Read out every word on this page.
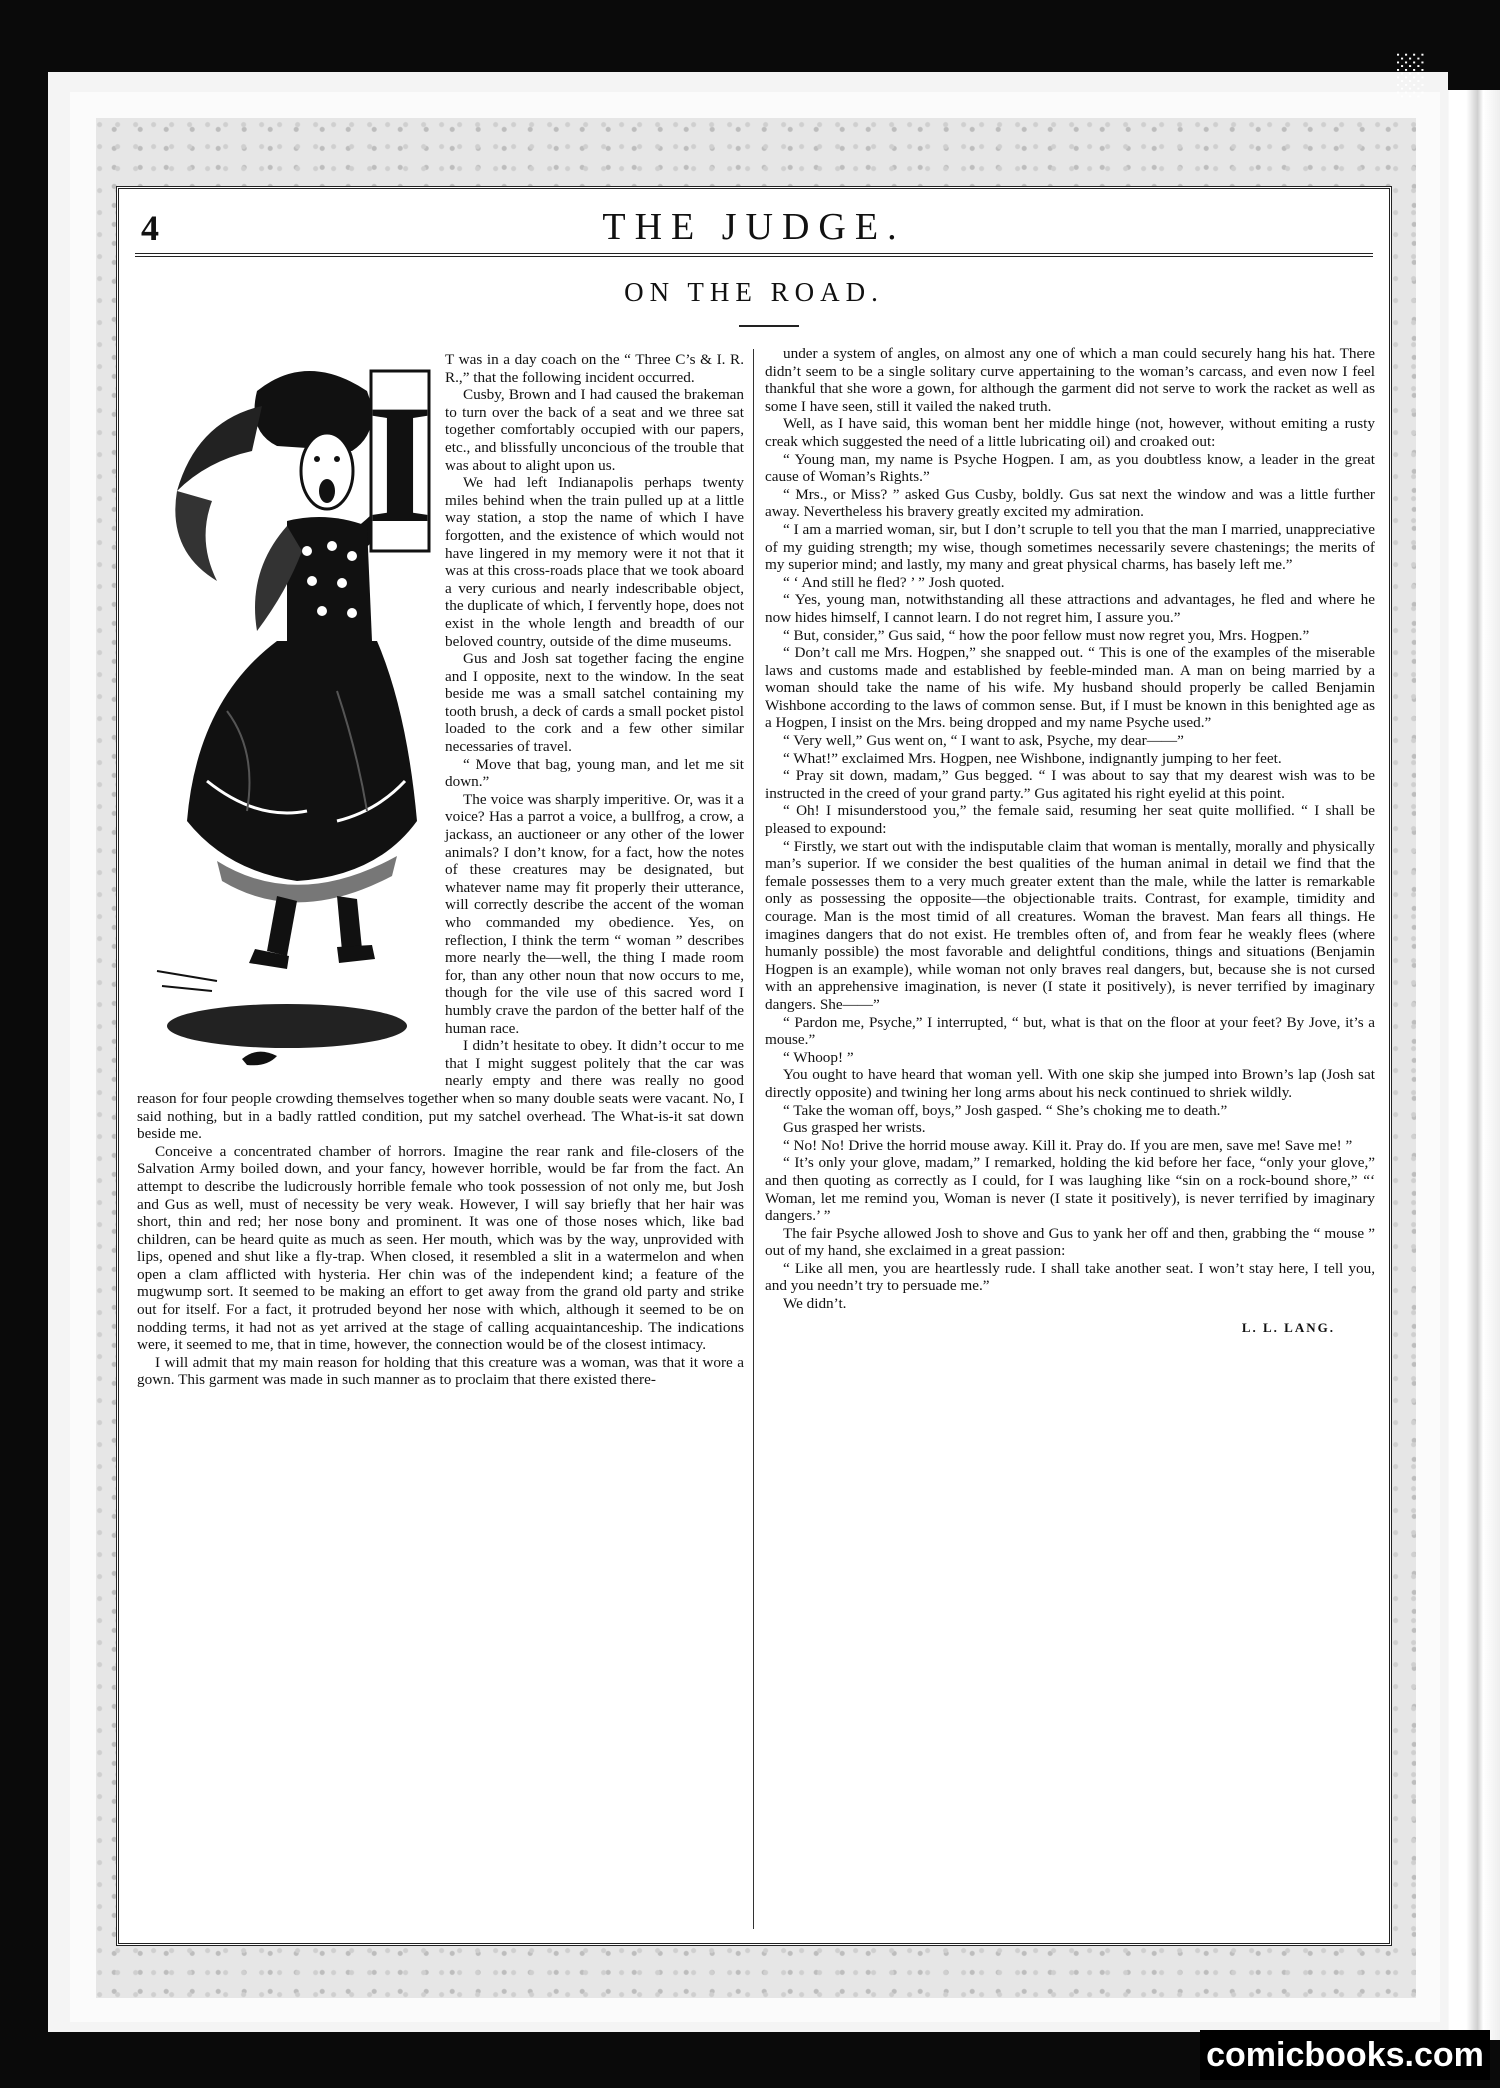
░
4	THE JUDGE.
ON THE ROAD.
I

T was in a day coach on the “ Three C’s & I. R. R.,” that the following incident occurred.

Cusby, Brown and I had caused the brakeman to turn over the back of a seat and we three sat together comfortably occupied with our papers, etc., and blissfully unconcious of the trouble that was about to alight upon us.

We had left Indianapolis perhaps twenty miles behind when the train pulled up at a little way station, a stop the name of which I have forgotten, and the existence of which would not have lingered in my memory were it not that it was at this cross-roads place that we took aboard a very curious and nearly indescribable object, the duplicate of which, I fervently hope, does not exist in the whole length and breadth of our beloved country, outside of the dime museums.

Gus and Josh sat together facing the engine and I opposite, next to the window. In the seat beside me was a small satchel containing my tooth brush, a deck of cards a small pocket pistol loaded to the cork and a few other similar necessaries of travel.

“ Move that bag, young man, and let me sit down.”

The voice was sharply imperitive. Or, was it a voice? Has a parrot a voice, a bullfrog, a crow, a jackass, an auctioneer or any other of the lower animals? I don’t know, for a fact, how the notes of these creatures may be designated, but whatever name may fit properly their utterance, will correctly describe the accent of the woman who commanded my obedience. Yes, on reflection, I think the term “ woman ” describes more nearly the—well, the thing I made room for, than any other noun that now occurs to me, though for the vile use of this sacred word I humbly crave the pardon of the better half of the human race.

I didn’t hesitate to obey. It didn’t occur to me that I might suggest politely that the car was nearly empty and there was really no good reason for four people crowding themselves together when so many double seats were vacant. No, I said nothing, but in a badly rattled condition, put my satchel overhead. The What-is-it sat down beside me.

Conceive a concentrated chamber of horrors. Imagine the rear rank and file-closers of the Salvation Army boiled down, and your fancy, however horrible, would be far from the fact. An attempt to describe the ludicrously horrible female who took possession of not only me, but Josh and Gus as well, must of necessity be very weak. However, I will say briefly that her hair was short, thin and red; her nose bony and prominent. It was one of those noses which, like bad children, can be heard quite as much as seen. Her mouth, which was by the way, unprovided with lips, opened and shut like a fly-trap. When closed, it resembled a slit in a watermelon and when open a clam afflicted with hysteria. Her chin was of the independent kind; a feature of the mugwump sort. It seemed to be making an effort to get away from the grand old party and strike out for itself. For a fact, it protruded beyond her nose with which, although it seemed to be on nodding terms, it had not as yet arrived at the stage of calling acquaintanceship. The indications were, it seemed to me, that in time, however, the connection would be of the closest intimacy.

I will admit that my main reason for holding that this creature was a woman, was that it wore a gown. This garment was made in such manner as to proclaim that there existed there-

under a system of angles, on almost any one of which a man could securely hang his hat. There didn’t seem to be a single solitary curve appertaining to the woman’s carcass, and even now I feel thankful that she wore a gown, for although the garment did not serve to work the racket as well as some I have seen, still it vailed the naked truth.

Well, as I have said, this woman bent her middle hinge (not, however, without emiting a rusty creak which suggested the need of a little lubricating oil) and croaked out:

“ Young man, my name is Psyche Hogpen. I am, as you doubtless know, a leader in the great cause of Woman’s Rights.”

“ Mrs., or Miss? ” asked Gus Cusby, boldly. Gus sat next the window and was a little further away. Nevertheless his bravery greatly excited my admiration.

“ I am a married woman, sir, but I don’t scruple to tell you that the man I married, unappreciative of my guiding strength; my wise, though sometimes necessarily severe chastenings; the merits of my superior mind; and lastly, my many and great physical charms, has basely left me.”

“ ‘ And still he fled? ’ ” Josh quoted.

“ Yes, young man, notwithstanding all these attractions and advantages, he fled and where he now hides himself, I cannot learn. I do not regret him, I assure you.”

“ But, consider,” Gus said, “ how the poor fellow must now regret you, Mrs. Hogpen.”

“ Don’t call me Mrs. Hogpen,” she snapped out. “ This is one of the examples of the miserable laws and customs made and established by feeble-minded man. A man on being married by a woman should take the name of his wife. My husband should properly be called Benjamin Wishbone according to the laws of common sense. But, if I must be known in this benighted age as a Hogpen, I insist on the Mrs. being dropped and my name Psyche used.”

“ Very well,” Gus went on, “ I want to ask, Psyche, my dear——”

“ What!” exclaimed Mrs. Hogpen, nee Wishbone, indignantly jumping to her feet.

“ Pray sit down, madam,” Gus begged. “ I was about to say that my dearest wish was to be instructed in the creed of your grand party.” Gus agitated his right eyelid at this point.

“ Oh! I misunderstood you,” the female said, resuming her seat quite mollified. “ I shall be pleased to expound:

“ Firstly, we start out with the indisputable claim that woman is mentally, morally and physically man’s superior. If we consider the best qualities of the human animal in detail we find that the female possesses them to a very much greater extent than the male, while the latter is remarkable only as possessing the opposite—the objectionable traits. Contrast, for example, timidity and courage. Man is the most timid of all creatures. Woman the bravest. Man fears all things. He imagines dangers that do not exist. He trembles often of, and from fear he weakly flees (where humanly possible) the most favorable and delightful conditions, things and situations (Benjamin Hogpen is an example), while woman not only braves real dangers, but, because she is not cursed with an apprehensive imagination, is never (I state it positively), is never terrified by imaginary dangers. She——”

“ Pardon me, Psyche,” I interrupted, “ but, what is that on the floor at your feet? By Jove, it’s a mouse.”

“ Whoop! ”

You ought to have heard that woman yell. With one skip she jumped into Brown’s lap (Josh sat directly opposite) and twining her long arms about his neck continued to shriek wildly.

“ Take the woman off, boys,” Josh gasped. “ She’s choking me to death.”

Gus grasped her wrists.

“ No! No! Drive the horrid mouse away. Kill it. Pray do. If you are men, save me! Save me! ”

“ It’s only your glove, madam,” I remarked, holding the kid before her face, “only your glove,” and then quoting as correctly as I could, for I was laughing like “sin on a rock-bound shore,” “‘ Woman, let me remind you, Woman is never (I state it positively), is never terrified by imaginary dangers.’ ”

The fair Psyche allowed Josh to shove and Gus to yank her off and then, grabbing the “ mouse ” out of my hand, she exclaimed in a great passion:

“ Like all men, you are heartlessly rude. I shall take another seat. I won’t stay here, I tell you, and you needn’t try to persuade me.”

We didn’t.

L. L. LANG.
comicbooks.com
